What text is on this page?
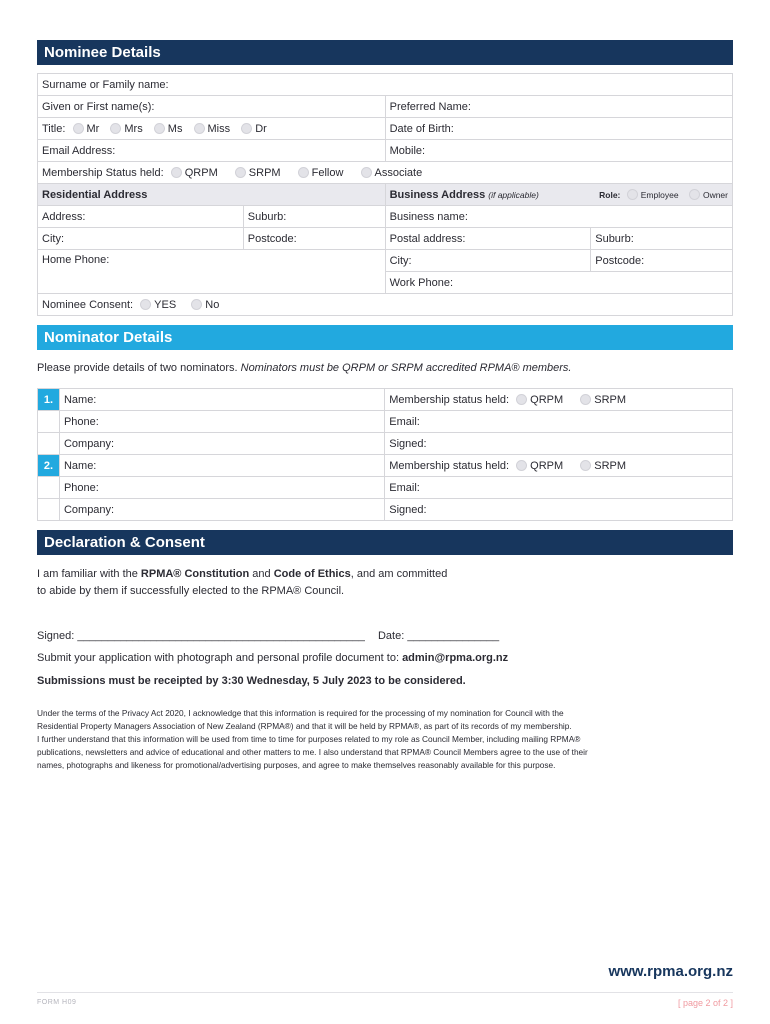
Nominee Details
Surname or Family name:			
Given or First name(s):		Preferred Name:	
Title: Mr Mrs Ms Miss Dr		Date of Birth:	
Email Address:		Mobile:	
Membership Status held: QRPM SRPM Fellow Associate			
Residential Address		Business Address (if applicable) Role: Employee Owner	

Address:	Suburb:	Business name:	
City:	Postcode:	Postal address:	Suburb:
Home Phone:		City:	Postcode:
		Work Phone:	
Nominee Consent: YES No			
Nominator Details
Please provide details of two nominators. Nominators must be QRPM or SRPM accredited RPMA® members.
1.	Name:	Membership status held: QRPM SRPM
	Phone:	Email:
	Company:	Signed:
2.	Name:	Membership status held: QRPM SRPM
	Phone:	Email:
	Company:	Signed:
Declaration & Consent
I am familiar with the RPMA® Constitution and Code of Ethics, and am committed
to abide by them if successfully elected to the RPMA® Council.
Signed: _______________________________________________ Date: _______________
Submit your application with photograph and personal profile document to: admin@rpma.org.nz
Submissions must be receipted by 3:30 Wednesday, 5 July 2023 to be considered.
Under the terms of the Privacy Act 2020, I acknowledge that this information is required for the processing of my nomination for Council with the
Residential Property Managers Association of New Zealand (RPMA®) and that it will be held by RPMA®, as part of its records of my membership.
I further understand that this information will be used from time to time for purposes related to my role as Council Member, including mailing RPMA®
publications, newsletters and advice of educational and other matters to me. I also understand that RPMA® Council Members agree to the use of their
names, photographs and likeness for promotional/advertising purposes, and agree to make themselves reasonably available for this purpose.
www.rpma.org.nz
FORM H09	[ page 2 of 2 ]
